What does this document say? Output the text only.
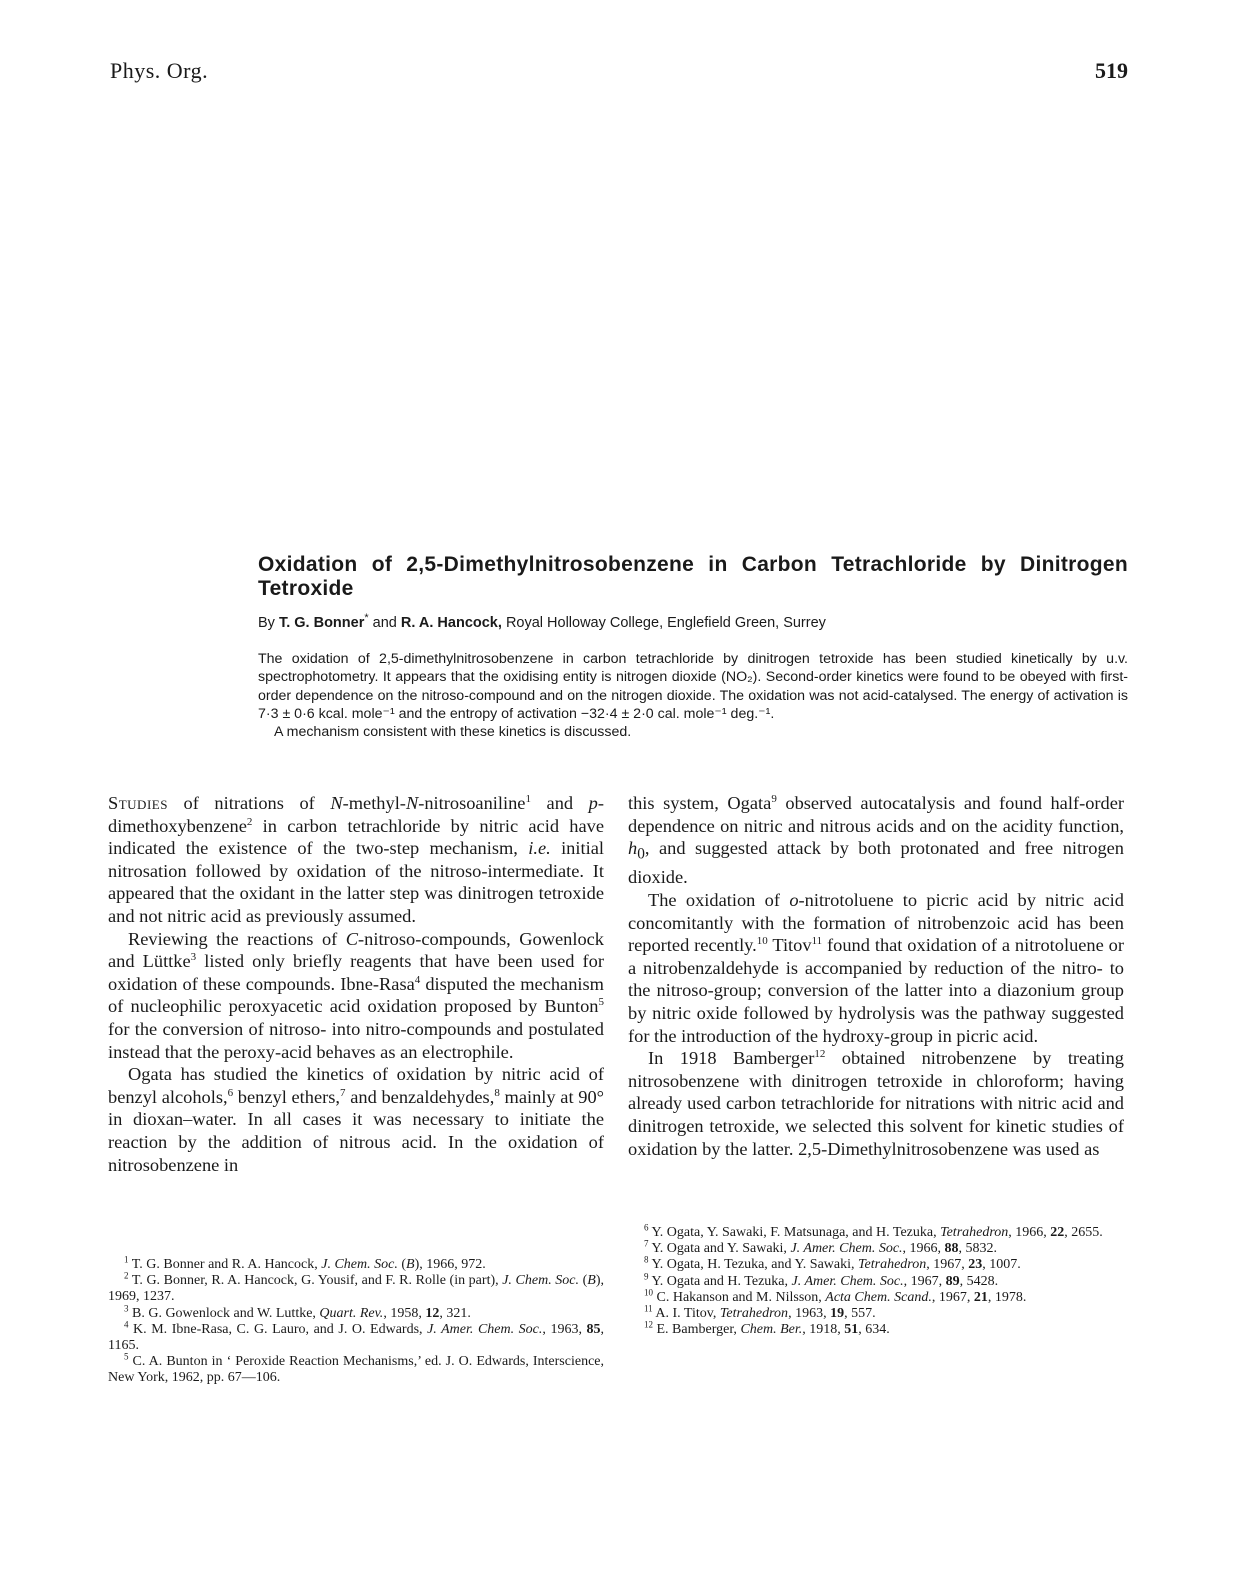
Phys. Org.	519
Oxidation of 2,5-Dimethylnitrosobenzene in Carbon Tetrachloride by Dinitrogen Tetroxide
By T. G. Bonner* and R. A. Hancock, Royal Holloway College, Englefield Green, Surrey

The oxidation of 2,5-dimethylnitrosobenzene in carbon tetrachloride by dinitrogen tetroxide has been studied kinetically by u.v. spectrophotometry. It appears that the oxidising entity is nitrogen dioxide (NO₂). Second-order kinetics were found to be obeyed with first-order dependence on the nitroso-compound and on the nitrogen dioxide. The oxidation was not acid-catalysed. The energy of activation is 7·3 ± 0·6 kcal. mole⁻¹ and the entropy of activation −32·4 ± 2·0 cal. mole⁻¹ deg.⁻¹.

A mechanism consistent with these kinetics is discussed.

Studies of nitrations of N-methyl-N-nitrosoaniline$^1$ and p-dimethoxybenzene$^2$ in carbon tetrachloride by nitric acid have indicated the existence of the two-step mechanism, i.e. initial nitrosation followed by oxidation of the nitroso-intermediate. It appeared that the oxidant in the latter step was dinitrogen tetroxide and not nitric acid as previously assumed.

Reviewing the reactions of C-nitroso-compounds, Gowenlock and Lüttke$^3$ listed only briefly reagents that have been used for oxidation of these compounds. Ibne-Rasa$^4$ disputed the mechanism of nucleophilic peroxyacetic acid oxidation proposed by Bunton$^5$ for the conversion of nitroso- into nitro-compounds and postulated instead that the peroxy-acid behaves as an electrophile.

Ogata has studied the kinetics of oxidation by nitric acid of benzyl alcohols,$^6$ benzyl ethers,$^7$ and benzaldehydes,$^8$ mainly at 90° in dioxan–water. In all cases it was necessary to initiate the reaction by the addition of nitrous acid. In the oxidation of nitrosobenzene in

this system, Ogata$^9$ observed autocatalysis and found half-order dependence on nitric and nitrous acids and on the acidity function, $h_0$, and suggested attack by both protonated and free nitrogen dioxide.

The oxidation of o-nitrotoluene to picric acid by nitric acid concomitantly with the formation of nitrobenzoic acid has been reported recently.$^{10}$ Titov$^{11}$ found that oxidation of a nitrotoluene or a nitrobenzaldehyde is accompanied by reduction of the nitro- to the nitroso-group; conversion of the latter into a diazonium group by nitric oxide followed by hydrolysis was the pathway suggested for the introduction of the hydroxy-group in picric acid.

In 1918 Bamberger$^{12}$ obtained nitrobenzene by treating nitrosobenzene with dinitrogen tetroxide in chloroform; having already used carbon tetrachloride for nitrations with nitric acid and dinitrogen tetroxide, we selected this solvent for kinetic studies of oxidation by the latter. 2,5-Dimethylnitrosobenzene was used as

$^1$ T. G. Bonner and R. A. Hancock, J. Chem. Soc. (B), 1966, 972.

$^2$ T. G. Bonner, R. A. Hancock, G. Yousif, and F. R. Rolle (in part), J. Chem. Soc. (B), 1969, 1237.

$^3$ B. G. Gowenlock and W. Luttke, Quart. Rev., 1958, 12, 321.

$^4$ K. M. Ibne-Rasa, C. G. Lauro, and J. O. Edwards, J. Amer. Chem. Soc., 1963, 85, 1165.

$^5$ C. A. Bunton in ‘ Peroxide Reaction Mechanisms,’ ed. J. O. Edwards, Interscience, New York, 1962, pp. 67—106.

$^6$ Y. Ogata, Y. Sawaki, F. Matsunaga, and H. Tezuka, Tetrahedron, 1966, 22, 2655.

$^7$ Y. Ogata and Y. Sawaki, J. Amer. Chem. Soc., 1966, 88, 5832.

$^8$ Y. Ogata, H. Tezuka, and Y. Sawaki, Tetrahedron, 1967, 23, 1007.

$^9$ Y. Ogata and H. Tezuka, J. Amer. Chem. Soc., 1967, 89, 5428.

$^{10}$ C. Hakanson and M. Nilsson, Acta Chem. Scand., 1967, 21, 1978.

$^{11}$ A. I. Titov, Tetrahedron, 1963, 19, 557.

$^{12}$ E. Bamberger, Chem. Ber., 1918, 51, 634.
